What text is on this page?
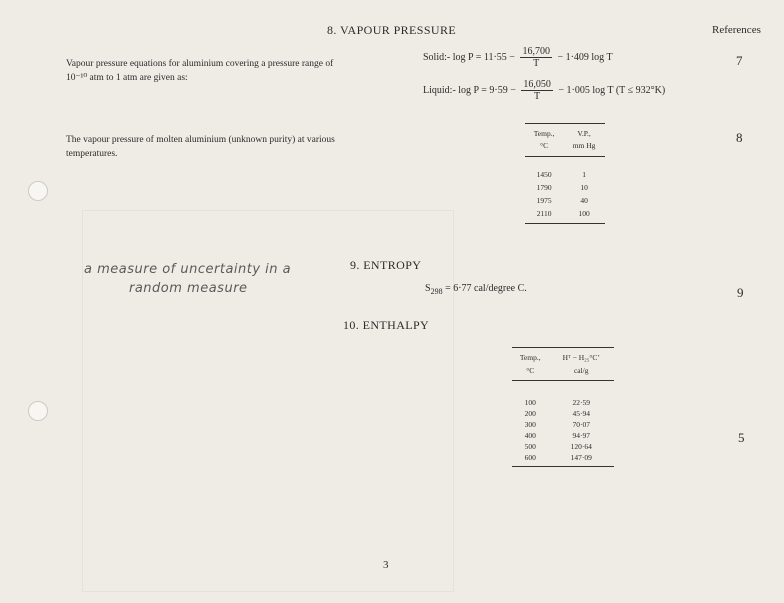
8. VAPOUR PRESSURE	References
Vapour pressure equations for aluminium covering a pressure range of 10⁻¹⁰ atm to 1 atm are given as:
Solid:- $\log P = 11\cdot 55 - \frac{16,700}{T} - 1\cdot 409$ log T
Liquid:- $\log P = 9\cdot 59 - \frac{16,050}{T} - 1\cdot 005$ log T (T ≤ 932°K)
7
The vapour pressure of molten aluminium (unknown purity) at various temperatures.
8
Temp.,	V.P.,
°C	mm Hg
1450	1
1790	10
1975	40
2110	100
a measure of uncertainty in a
random measure
9. ENTROPY
$S_{298} = 6\cdot 77$ cal/degree C.	9
10. ENTHALPY
Temp.,	Hᵀ − H₂₅°C’
°C	cal/g
100	22·59
200	45·94
300	70·07
400	94·97
500	120·64
600	147·09
5
3
